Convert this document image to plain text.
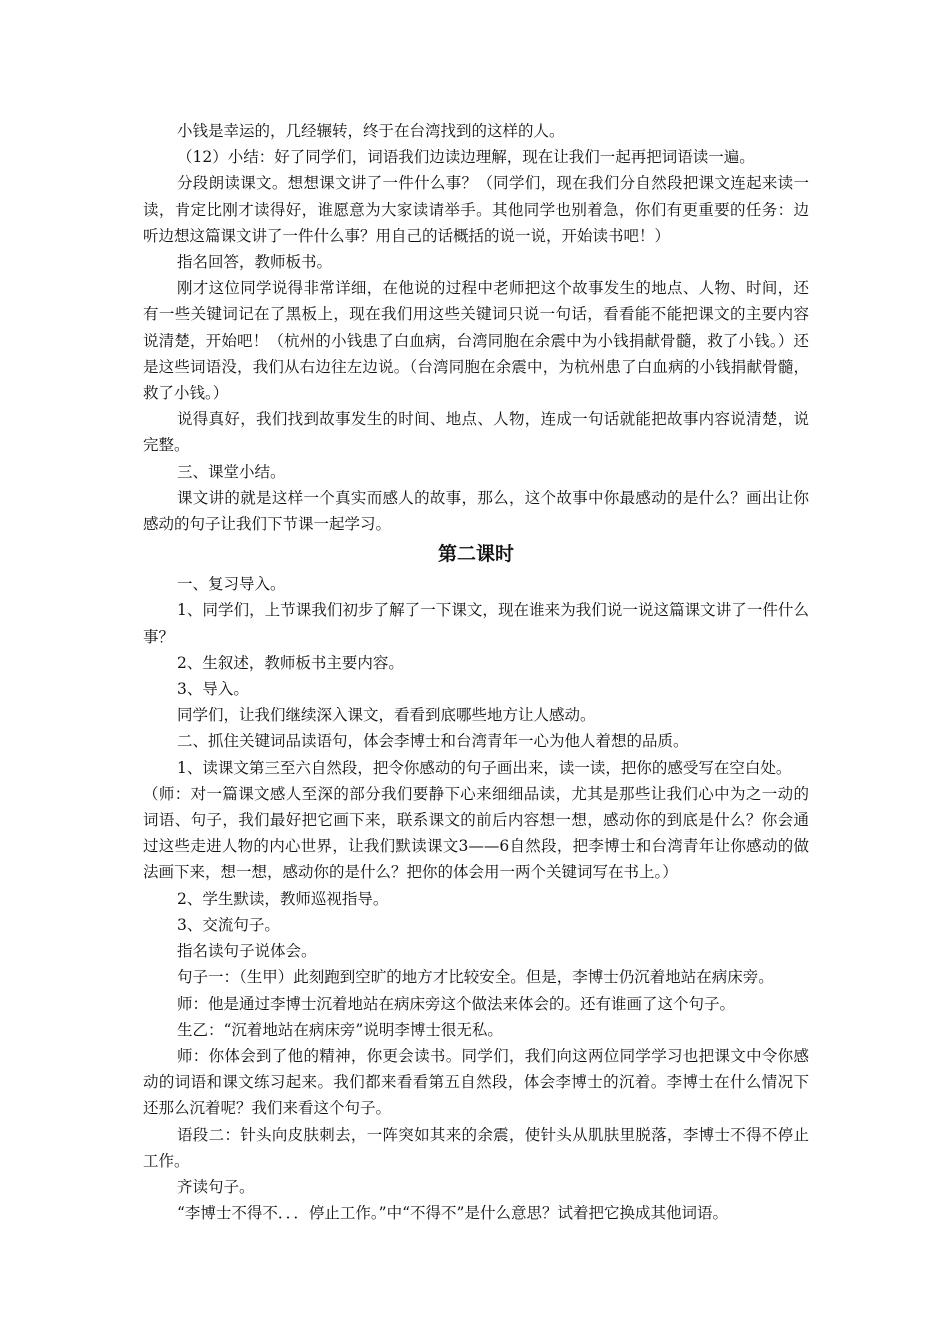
小钱是幸运的，几经辗转，终于在台湾找到的这样的人。

（12）小结：好了同学们，词语我们边读边理解，现在让我们一起再把词语读一遍。

分段朗读课文。想想课文讲了一件什么事？（同学们，现在我们分自然段把课文连起来读一读，肯定比刚才读得好，谁愿意为大家读请举手。其他同学也别着急，你们有更重要的任务：边听边想这篇课文讲了一件什么事？用自己的话概括的说一说，开始读书吧！）

指名回答，教师板书。

刚才这位同学说得非常详细，在他说的过程中老师把这个故事发生的地点、人物、时间，还有一些关键词记在了黑板上，现在我们用这些关键词只说一句话，看看能不能把课文的主要内容说清楚，开始吧！（杭州的小钱患了白血病，台湾同胞在余震中为小钱捐献骨髓，救了小钱。）还是这些词语没，我们从右边往左边说。（台湾同胞在余震中，为杭州患了白血病的小钱捐献骨髓，救了小钱。）

说得真好，我们找到故事发生的时间、地点、人物，连成一句话就能把故事内容说清楚，说完整。

三、课堂小结。

课文讲的就是这样一个真实而感人的故事，那么，这个故事中你最感动的是什么？画出让你感动的句子让我们下节课一起学习。

第二课时

一、复习导入。

1、同学们，上节课我们初步了解了一下课文，现在谁来为我们说一说这篇课文讲了一件什么事？

2、生叙述，教师板书主要内容。

3、导入。

同学们，让我们继续深入课文，看看到底哪些地方让人感动。

二、抓住关键词品读语句，体会李博士和台湾青年一心为他人着想的品质。

1、读课文第三至六自然段，把令你感动的句子画出来，读一读，把你的感受写在空白处。

（师：对一篇课文感人至深的部分我们要静下心来细细品读，尤其是那些让我们心中为之一动的词语、句子，我们最好把它画下来，联系课文的前后内容想一想，感动你的到底是什么？你会通过这些走进人物的内心世界，让我们默读课文3——6自然段，把李博士和台湾青年让你感动的做法画下来，想一想，感动你的是什么？把你的体会用一两个关键词写在书上。）

2、学生默读，教师巡视指导。

3、交流句子。

指名读句子说体会。

句子一：（生甲）此刻跑到空旷的地方才比较安全。但是，李博士仍沉着地站在病床旁。

师：他是通过李博士沉着地站在病床旁这个做法来体会的。还有谁画了这个句子。

生乙：“沉着地站在病床旁”说明李博士很无私。

师：你体会到了他的精神，你更会读书。同学们，我们向这两位同学学习也把课文中令你感动的词语和课文练习起来。我们都来看看第五自然段，体会李博士的沉着。李博士在什么情况下还那么沉着呢？我们来看这个句子。

语段二：针头向皮肤刺去，一阵突如其来的余震，使针头从肌肤里脱落，李博士不得不停止工作。

齐读句子。

“李博士不得不．．．停止工作。”中“不得不”是什么意思？试着把它换成其他词语。
